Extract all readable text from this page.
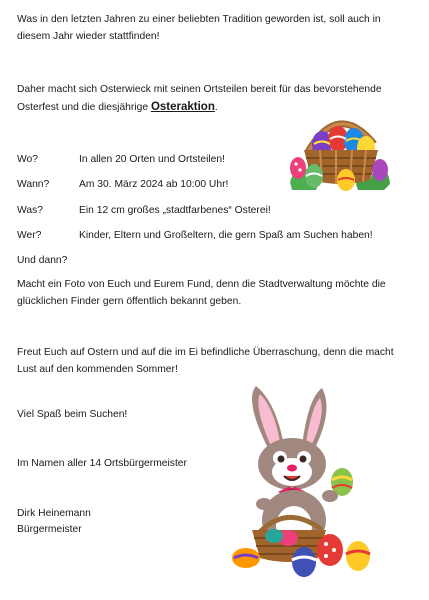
Was in den letzten Jahren zu einer beliebten Tradition geworden ist, soll auch in
diesem Jahr wieder stattfinden!
Daher macht sich Osterwieck mit seinen Ortsteilen bereit für das bevorstehende
Osterfest und die diesjährige Osteraktion.
Wo?	In allen 20 Orten und Ortsteilen!
Wann?	Am 30. März 2024 ab 10:00 Uhr!
Was?	Ein 12 cm großes „stadtfarbenes“ Osterei!
Wer?	Kinder, Eltern und Großeltern, die gern Spaß am Suchen haben!
Und dann?
Macht ein Foto von Euch und Eurem Fund, denn die Stadtverwaltung möchte die
glücklichen Finder gern öffentlich bekannt geben.
Freut Euch auf Ostern und auf die im Ei befindliche Überraschung, denn die macht
Lust auf den kommenden Sommer!
Viel Spaß beim Suchen!
Im Namen aller 14 Ortsbürgermeister
Dirk Heinemann
Bürgermeister
